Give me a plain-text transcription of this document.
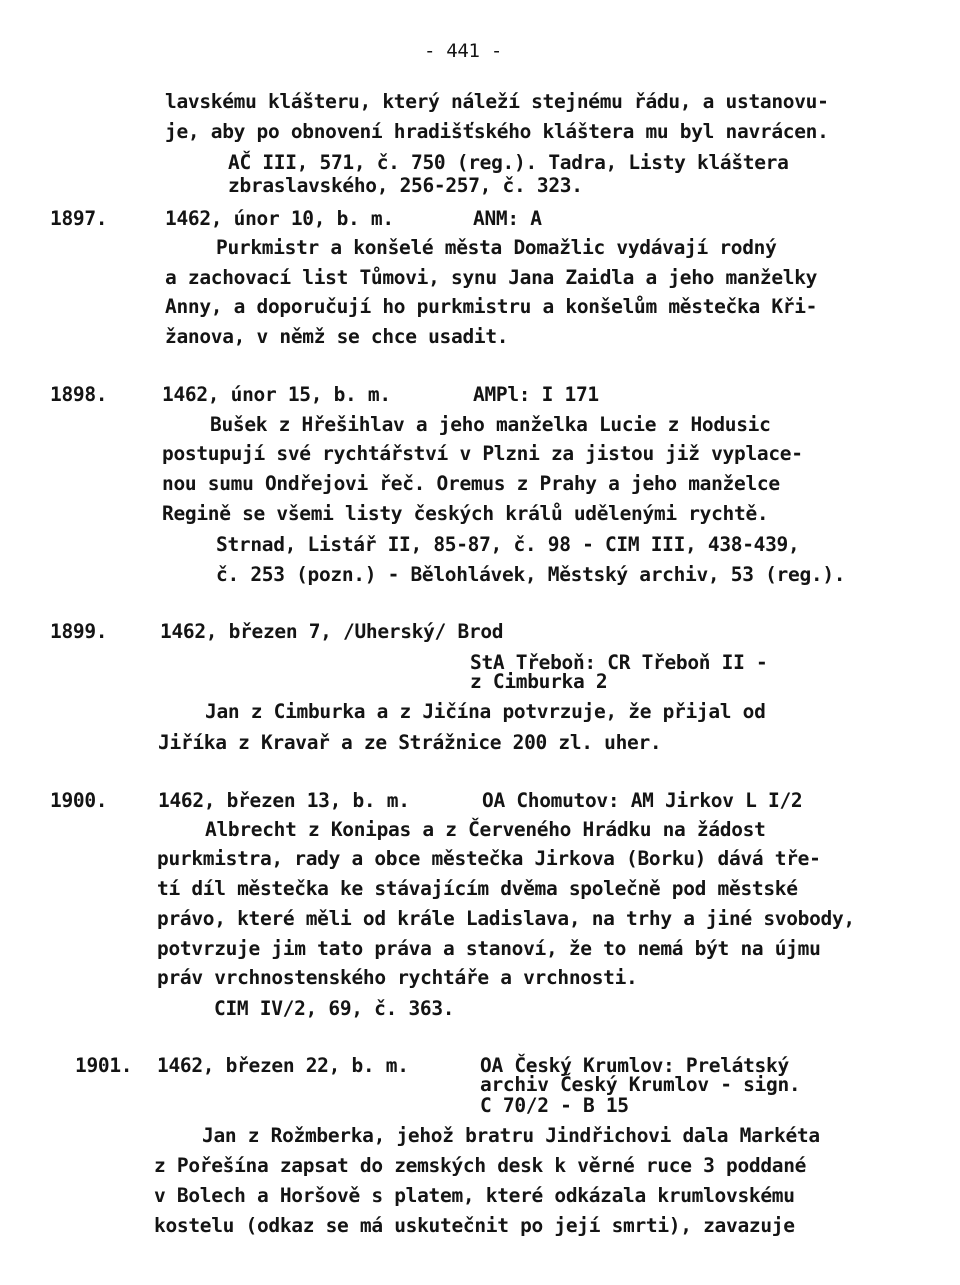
- 441 -
lavskému klášteru, který náleží stejnému řádu, a ustanovu-
je, aby po obnovení hradišťského kláštera mu byl navrácen.
AČ III, 571, č. 750 (reg.). Tadra, Listy kláštera
zbraslavského, 256-257, č. 323.
1897.	1462, únor 10, b. m.	ANM: A
Purkmistr a konšelé města Domažlic vydávají rodný
a zachovací list Tůmovi, synu Jana Zaidla a jeho manželky
Anny, a doporučují ho purkmistru a konšelům městečka Kři-
žanova, v němž se chce usadit.
1898.	1462, únor 15, b. m.	AMPl: I 171
Bušek z Hřešihlav a jeho manželka Lucie z Hodusic
postupují své rychtářství v Plzni za jistou již vyplace-
nou sumu Ondřejovi řeč. Oremus z Prahy a jeho manželce
Regině se všemi listy českých králů udělenými rychtě.
Strnad, Listář II, 85-87, č. 98 - CIM III, 438-439,
č. 253 (pozn.) - Bělohlávek, Městský archiv, 53 (reg.).
1899.	1462, březen 7, /Uherský/ Brod
StA Třeboň: CR Třeboň II -
z Cimburka 2
Jan z Cimburka a z Jičína potvrzuje, že přijal od
Jiříka z Kravař a ze Strážnice 200 zl. uher.
1900.	1462, březen 13, b. m.	OA Chomutov: AM Jirkov L I/2
Albrecht z Konipas a z Červeného Hrádku na žádost
purkmistra, rady a obce městečka Jirkova (Borku) dává tře-
tí díl městečka ke stávajícím dvěma společně pod městské
právo, které měli od krále Ladislava, na trhy a jiné svobody,
potvrzuje jim tato práva a stanoví, že to nemá být na újmu
práv vrchnostenského rychtáře a vrchnosti.
CIM IV/2, 69, č. 363.
1901. 1462, březen 22, b. m.	OA Český Krumlov: Prelátský
archiv Český Krumlov - sign.
C 70/2 - B 15
Jan z Rožmberka, jehož bratru Jindřichovi dala Markéta
z Pořešína zapsat do zemských desk k věrné ruce 3 poddané
v Bolech a Horšově s platem, které odkázala krumlovskému
kostelu (odkaz se má uskutečnit po její smrti), zavazuje
